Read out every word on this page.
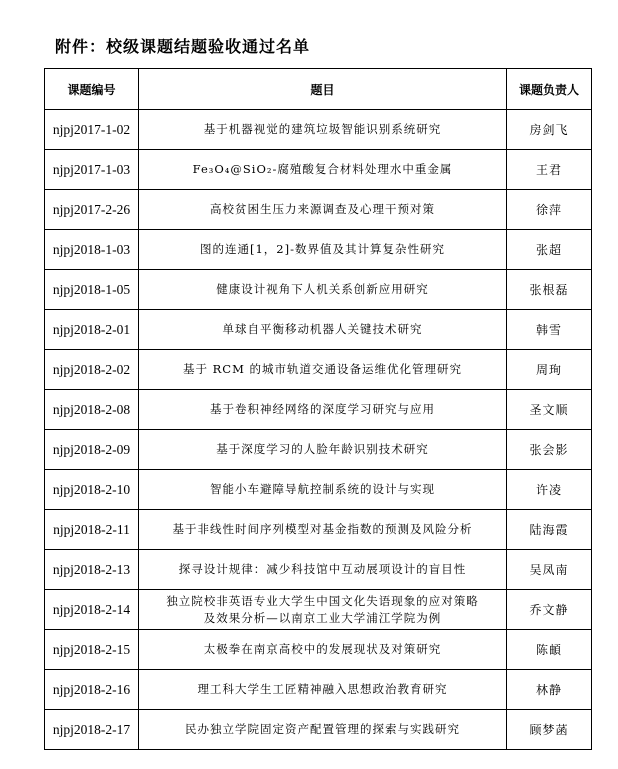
附件：校级课题结题验收通过名单
课题编号	题目	课题负责人
njpj2017-1-02	基于机器视觉的建筑垃圾智能识别系统研究	房剑飞
njpj2017-1-03	Fe₃O₄@SiO₂-腐殖酸复合材料处理水中重金属	王君
njpj2017-2-26	高校贫困生压力来源调查及心理干预对策	徐萍
njpj2018-1-03	图的连通[1，2]-数界值及其计算复杂性研究	张超
njpj2018-1-05	健康设计视角下人机关系创新应用研究	张根磊
njpj2018-2-01	单球自平衡移动机器人关键技术研究	韩雪
njpj2018-2-02	基于 RCM 的城市轨道交通设备运维优化管理研究	周珣
njpj2018-2-08	基于卷积神经网络的深度学习研究与应用	圣文顺
njpj2018-2-09	基于深度学习的人脸年龄识别技术研究	张会影
njpj2018-2-10	智能小车避障导航控制系统的设计与实现	许凌
njpj2018-2-11	基于非线性时间序列模型对基金指数的预测及风险分析	陆海霞
njpj2018-2-13	探寻设计规律：减少科技馆中互动展项设计的盲目性	吴凤南
njpj2018-2-14	独立院校非英语专业大学生中国文化失语现象的应对策略
及效果分析—以南京工业大学浦江学院为例	乔文静
njpj2018-2-15	太极拳在南京高校中的发展现状及对策研究	陈頔
njpj2018-2-16	理工科大学生工匠精神融入思想政治教育研究	林静
njpj2018-2-17	民办独立学院固定资产配置管理的探索与实践研究	顾梦菡
